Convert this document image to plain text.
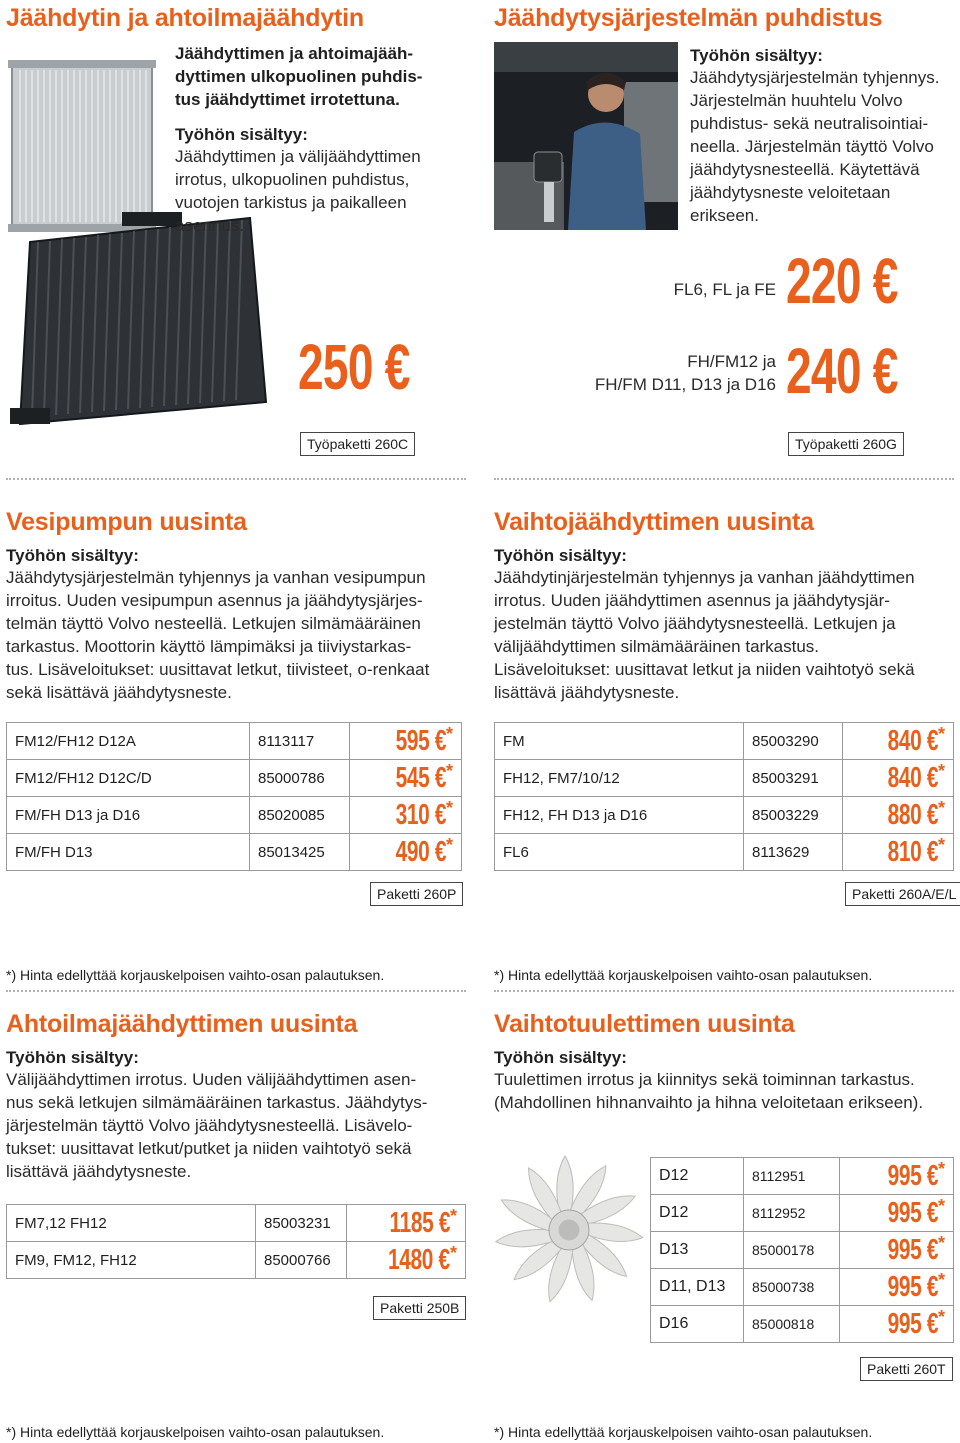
Jäähdytin ja ahtoilmajäähdytin
Jäähdyttimen ja ahtoimajääh-
dyttimen ulkopuolinen puhdis-
tus jäähdyttimet irrotettuna.
Työhön sisältyy:
Jäähdyttimen ja välijäähdyttimen
irrotus, ulkopuolinen puhdistus,
vuotojen tarkistus ja paikalleen
asennus.
250 €
Työpaketti 260C
Jäähdytysjärjestelmän puhdistus
Työhön sisältyy:
Jäähdytysjärjestelmän tyhjennys.
Järjestelmän huuhtelu Volvo
puhdistus- sekä neutralisointiai-
neella. Järjestelmän täyttö Volvo
jäähdytysnesteellä. Käytettävä
jäähdytysneste veloitetaan
erikseen.
FL6, FL ja FE 220 €
FH/FM12 ja
FH/FM D11, D13 ja D16 240 €
Työpaketti 260G
Vesipumpun uusinta
Työhön sisältyy:
Jäähdytysjärjestelmän tyhjennys ja vanhan vesipumpun
irroitus. Uuden vesipumpun asennus ja jäähdytysjärjes-
telmän täyttö Volvo nesteellä. Letkujen silmämääräinen
tarkastus. Moottorin käyttö lämpimäksi ja tiiviystarkas-
tus. Lisäveloitukset: uusittavat letkut, tiivisteet, o-renkaat
sekä lisättävä jäähdytysneste.
FM12/FH12 D12A	8113117	595 €*
FM12/FH12 D12C/D	85000786	545 €*
FM/FH D13 ja D16	85020085	310 €*
FM/FH D13	85013425	490 €*
Paketti 260P
*) Hinta edellyttää korjauskelpoisen vaihto-osan palautuksen.
Vaihtojäähdyttimen uusinta
Työhön sisältyy:
Jäähdytinjärjestelmän tyhjennys ja vanhan jäähdyttimen
irrotus. Uuden jäähdyttimen asennus ja jäähdytysjär-
jestelmän täyttö Volvo jäähdytysnesteellä. Letkujen ja
välijäähdyttimen silmämääräinen tarkastus.
Lisäveloitukset: uusittavat letkut ja niiden vaihtotyö sekä
lisättävä jäähdytysneste.
FM	85003290	840 €*
FH12, FM7/10/12	85003291	840 €*
FH12, FH D13 ja D16	85003229	880 €*
FL6	8113629	810 €*
Paketti 260A/E/L
*) Hinta edellyttää korjauskelpoisen vaihto-osan palautuksen.
Ahtoilmajäähdyttimen uusinta
Työhön sisältyy:
Välijäähdyttimen irrotus. Uuden välijäähdyttimen asen-
nus sekä letkujen silmämääräinen tarkastus. Jäähdytys-
järjestelmän täyttö Volvo jäähdytysnesteellä. Lisävelo-
tukset: uusittavat letkut/putket ja niiden vaihtotyö sekä
lisättävä jäähdytysneste.
FM7,12 FH12	85003231	1185 €*
FM9, FM12, FH12	85000766	1480 €*
Paketti 250B
*) Hinta edellyttää korjauskelpoisen vaihto-osan palautuksen.
Vaihtotuulettimen uusinta
Työhön sisältyy:
Tuulettimen irrotus ja kiinnitys sekä toiminnan tarkastus.
(Mahdollinen hihnanvaihto ja hihna veloitetaan erikseen).
D12	8112951	995 €*
D12	8112952	995 €*
D13	85000178	995 €*
D11, D13	85000738	995 €*
D16	85000818	995 €*
Paketti 260T
*) Hinta edellyttää korjauskelpoisen vaihto-osan palautuksen.
